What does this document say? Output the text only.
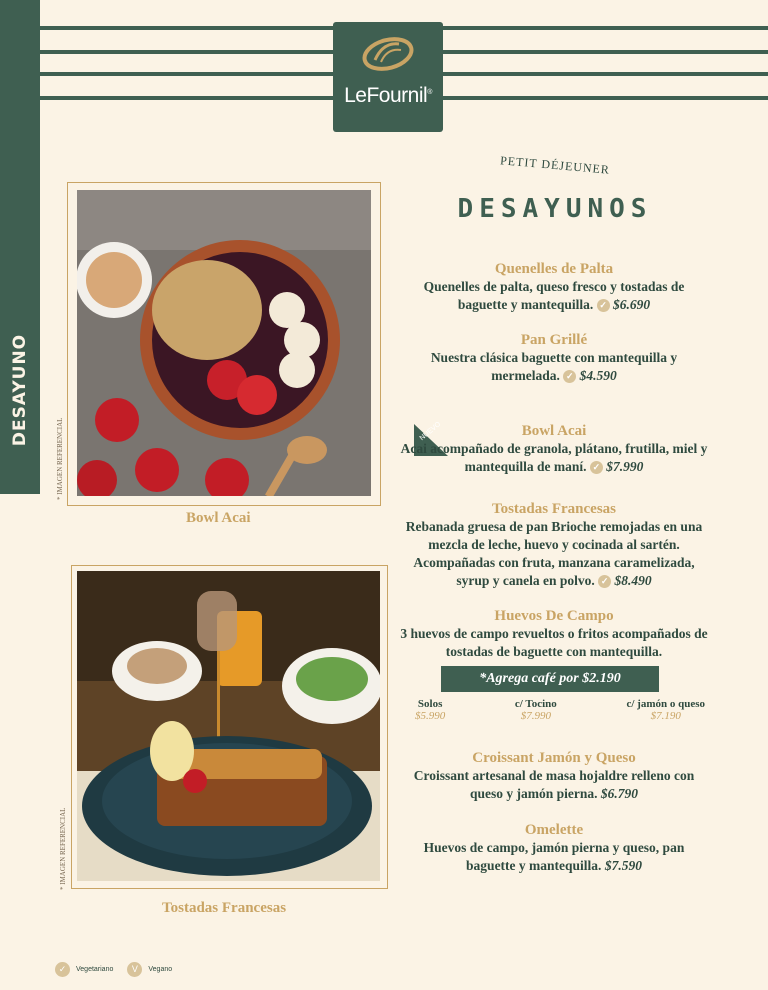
DESAYUNO
LeFournil®
Bowl Acai
* IMAGEN REFERENCIAL
Tostadas Francesas
* IMAGEN REFERENCIAL
PETIT DÉJEUNER
DESAYUNOS
Quenelles de Palta
Quenelles de palta, queso fresco y tostadas de baguette y mantequilla. ✓ $6.690
Pan Grillé
Nuestra clásica baguette con mantequilla y mermelada. ✓ $4.590
NUEVO	Bowl Acai
Acai acompañado de granola, plátano, frutilla, miel y mantequilla de maní. ✓ $7.990
Tostadas Francesas
Rebanada gruesa de pan Brioche remojadas en una mezcla de leche, huevo y cocinada al sartén. Acompañadas con fruta, manzana caramelizada, syrup y canela en polvo. ✓ $8.490
Huevos De Campo
3 huevos de campo revueltos o fritos acompañados de tostadas de baguette con mantequilla.
*Agrega café por $2.190
Solos
$5.990
c/ Tocino
$7.990
c/ jamón o queso
$7.190
Croissant Jamón y Queso
Croissant artesanal de masa hojaldre relleno con queso y jamón pierna. $6.790
Omelette
Huevos de campo, jamón pierna y queso, pan baguette y mantequilla. $7.590
✓	Vegetariano	V	Vegano
